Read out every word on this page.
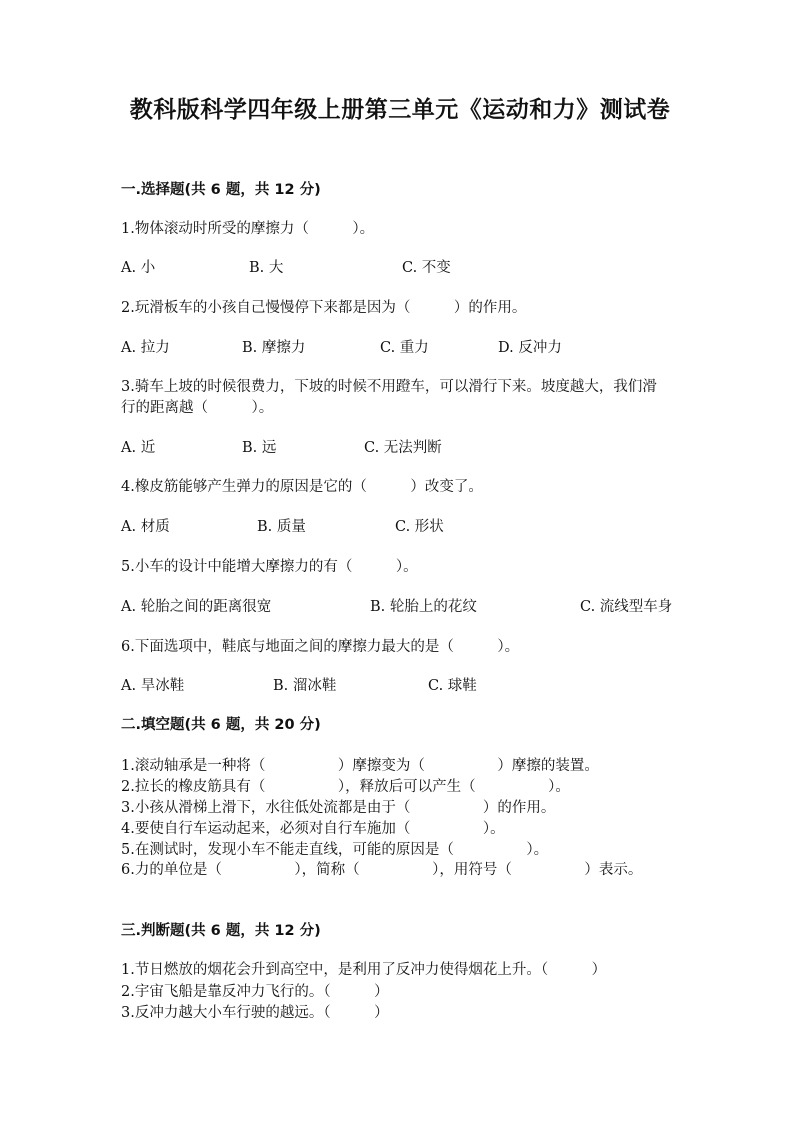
教科版科学四年级上册第三单元《运动和力》测试卷
一.选择题(共 6 题，共 12 分)
1.物体滚动时所受的摩擦力（　　　）。
A. 小	B. 大	C. 不变
2.玩滑板车的小孩自己慢慢停下来都是因为（　　　）的作用。
A. 拉力	B. 摩擦力	C. 重力	D. 反冲力
3.骑车上坡的时候很费力，下坡的时候不用蹬车，可以滑行下来。坡度越大，我们滑行的距离越（　　　）。
A. 近	B. 远	C. 无法判断
4.橡皮筋能够产生弹力的原因是它的（　　　）改变了。
A. 材质	B. 质量	C. 形状
5.小车的设计中能增大摩擦力的有（　　　）。
A. 轮胎之间的距离很宽	B. 轮胎上的花纹	C. 流线型车身
6.下面选项中，鞋底与地面之间的摩擦力最大的是（　　　）。
A. 旱冰鞋	B. 溜冰鞋	C. 球鞋
二.填空题(共 6 题，共 20 分)
1.滚动轴承是一种将（　　　　　）摩擦变为（　　　　　）摩擦的装置。
2.拉长的橡皮筋具有（　　　　　），释放后可以产生（　　　　　）。
3.小孩从滑梯上滑下，水往低处流都是由于（　　　　　）的作用。
4.要使自行车运动起来，必须对自行车施加（　　　　　）。
5.在测试时，发现小车不能走直线，可能的原因是（　　　　　）。
6.力的单位是（　　　　　），简称（　　　　　），用符号（　　　　　）表示。
三.判断题(共 6 题，共 12 分)
1.节日燃放的烟花会升到高空中，是利用了反冲力使得烟花上升。（　　　）
2.宇宙飞船是靠反冲力飞行的。（　　　）
3.反冲力越大小车行驶的越远。（　　　）
